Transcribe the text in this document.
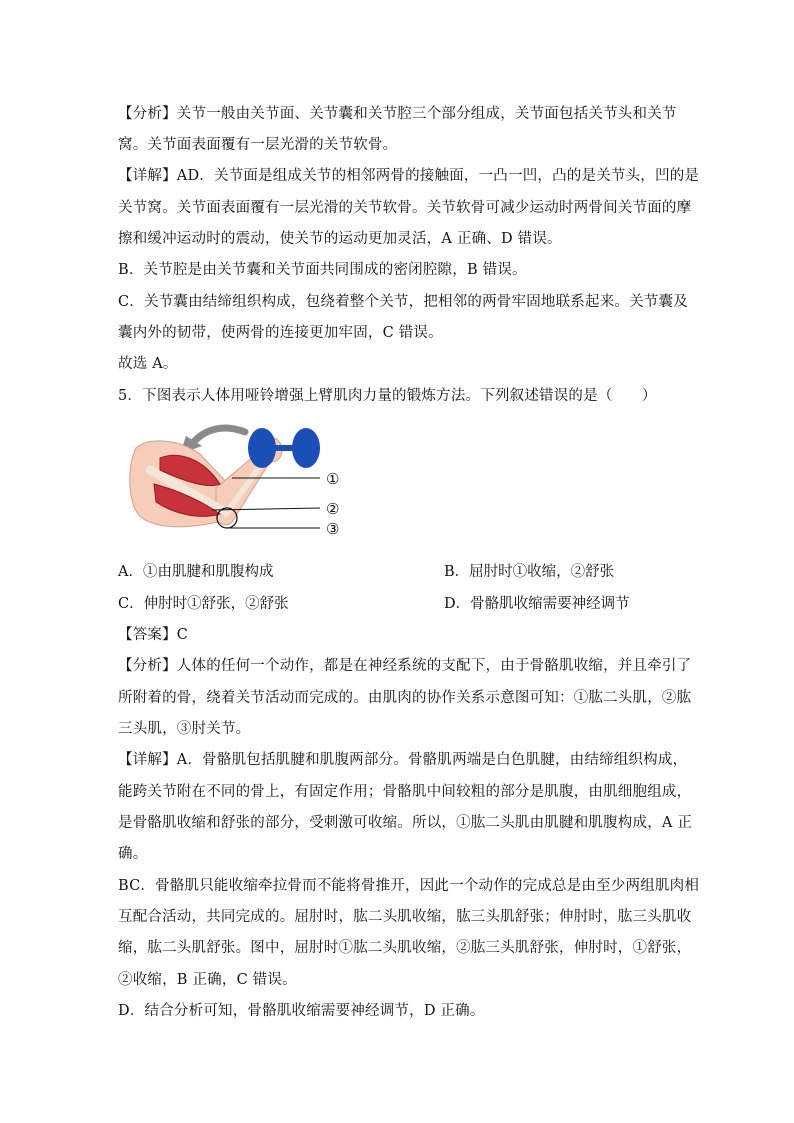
【分析】关节一般由关节面、关节囊和关节腔三个部分组成，关节面包括关节头和关节
窝。关节面表面覆有一层光滑的关节软骨。
【详解】AD．关节面是组成关节的相邻两骨的接触面，一凸一凹，凸的是关节头，凹的是
关节窝。关节面表面覆有一层光滑的关节软骨。关节软骨可减少运动时两骨间关节面的摩
擦和缓冲运动时的震动，使关节的运动更加灵活，A 正确、D 错误。
B．关节腔是由关节囊和关节面共同围成的密闭腔隙，B 错误。
C．关节囊由结缔组织构成，包绕着整个关节，把相邻的两骨牢固地联系起来。关节囊及
囊内外的韧带，使两骨的连接更加牢固，C 错误。
故选 A。
5．下图表示人体用哑铃增强上臂肌肉力量的锻炼方法。下列叙述错误的是（　　）
①
②
③
A．①由肌腱和肌腹构成	B．屈肘时①收缩，②舒张
C．伸肘时①舒张，②舒张	D．骨骼肌收缩需要神经调节
【答案】C
【分析】人体的任何一个动作，都是在神经系统的支配下，由于骨骼肌收缩，并且牵引了
所附着的骨，绕着关节活动而完成的。由肌肉的协作关系示意图可知：①肱二头肌，②肱
三头肌，③肘关节。
【详解】A．骨骼肌包括肌腱和肌腹两部分。骨骼肌两端是白色肌腱，由结缔组织构成，
能跨关节附在不同的骨上，有固定作用；骨骼肌中间较粗的部分是肌腹，由肌细胞组成，
是骨骼肌收缩和舒张的部分，受刺激可收缩。所以，①肱二头肌由肌腱和肌腹构成，A 正
确。
BC．骨骼肌只能收缩牵拉骨而不能将骨推开，因此一个动作的完成总是由至少两组肌肉相
互配合活动，共同完成的。屈肘时，肱二头肌收缩，肱三头肌舒张；伸肘时，肱三头肌收
缩，肱二头肌舒张。图中，屈肘时①肱二头肌收缩，②肱三头肌舒张，伸肘时，①舒张，
②收缩，B 正确，C 错误。
D．结合分析可知，骨骼肌收缩需要神经调节，D 正确。
